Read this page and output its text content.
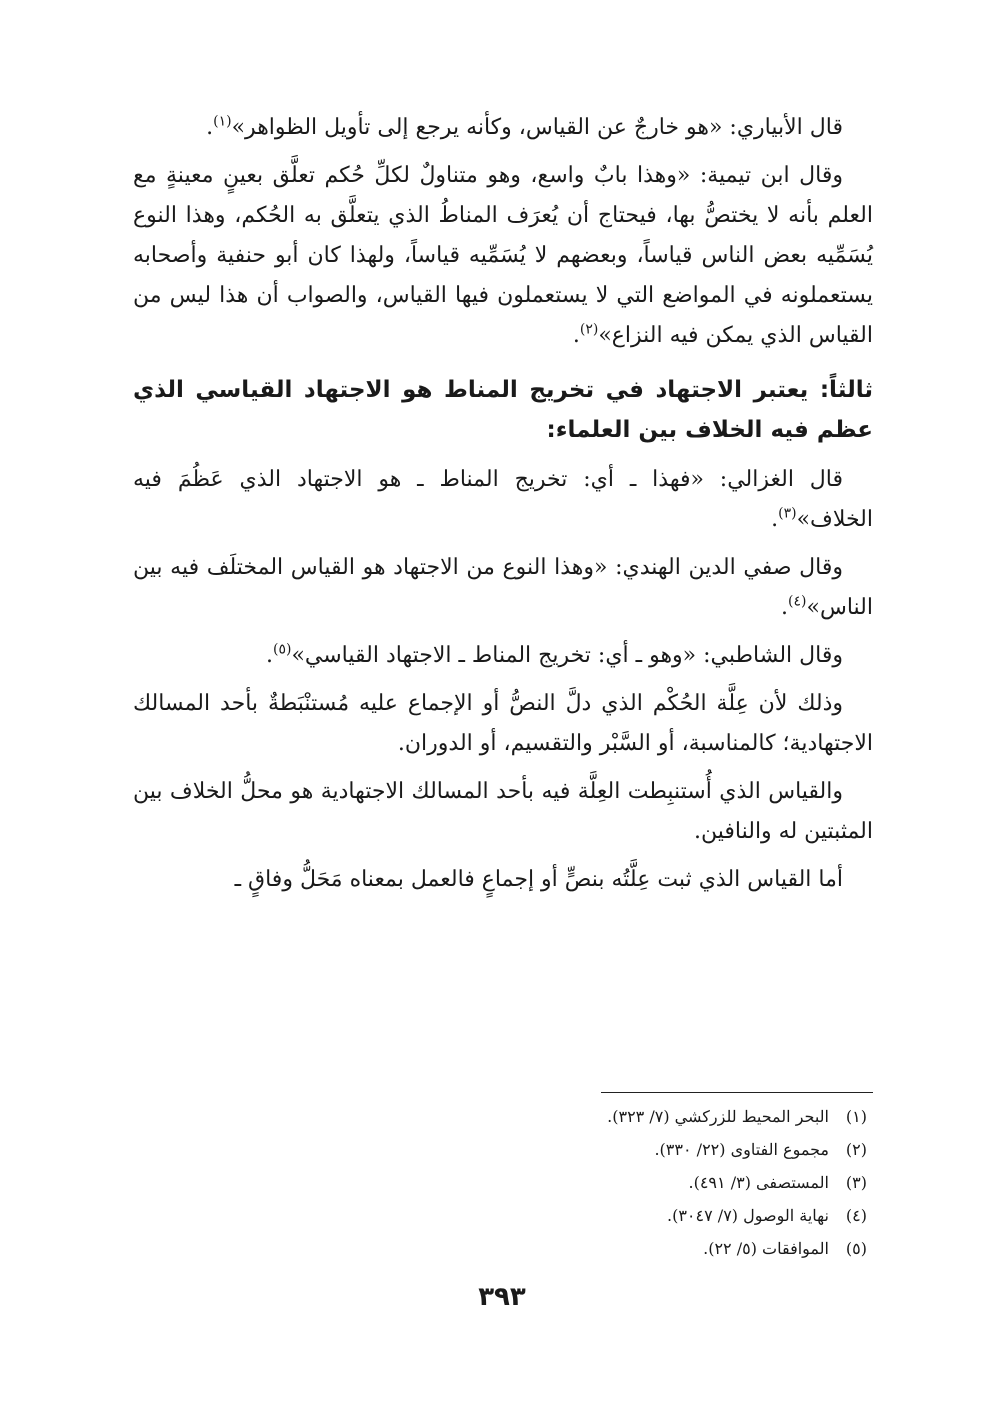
قال الأبياري: «هو خارجٌ عن القياس، وكأنه يرجع إلى تأويل الظواهر»$^{(١)}$.

وقال ابن تيمية: «وهذا بابٌ واسع، وهو متناولٌ لكلِّ حُكم تعلَّق بعينٍ معينةٍ مع العلم بأنه لا يختصُّ بها، فيحتاج أن يُعرَف المناطُ الذي يتعلَّق به الحُكم، وهذا النوع يُسَمِّيه بعض الناس قياساً، وبعضهم لا يُسَمِّيه قياساً، ولهذا كان أبو حنفية وأصحابه يستعملونه في المواضع التي لا يستعملون فيها القياس، والصواب أن هذا ليس من القياس الذي يمكن فيه النزاع»$^{(٢)}$.

ثالثاً: يعتبر الاجتهاد في تخريج المناط هو الاجتهاد القياسي الذي عظم فيه الخلاف بين العلماء:

قال الغزالي: «فهذا ـ أي: تخريج المناط ـ هو الاجتهاد الذي عَظُمَ فيه الخلاف»$^{(٣)}$.

وقال صفي الدين الهندي: «وهذا النوع من الاجتهاد هو القياس المختلَف فيه بين الناس»$^{(٤)}$.

وقال الشاطبي: «وهو ـ أي: تخريج المناط ـ الاجتهاد القياسي»$^{(٥)}$.

وذلك لأن عِلَّة الحُكْم الذي دلَّ النصُّ أو الإجماع عليه مُستنْبَطةٌ بأحد المسالك الاجتهادية؛ كالمناسبة، أو السَّبْر والتقسيم، أو الدوران.

والقياس الذي أُستنبِطت العِلَّة فيه بأحد المسالك الاجتهادية هو محلُّ الخلاف بين المثبتين له والنافين.

أما القياس الذي ثبت عِلَّتُه بنصٍّ أو إجماعٍ فالعمل بمعناه مَحَلُّ وفاقٍ ـ

(١)البحر المحيط للزركشي (٧/ ٣٢٣).
(٢)مجموع الفتاوى (٢٢/ ٣٣٠).
(٣)المستصفى (٣/ ٤٩١).
(٤)نهاية الوصول (٧/ ٣٠٤٧).
(٥)الموافقات (٥/ ٢٢).
٣٩٣
